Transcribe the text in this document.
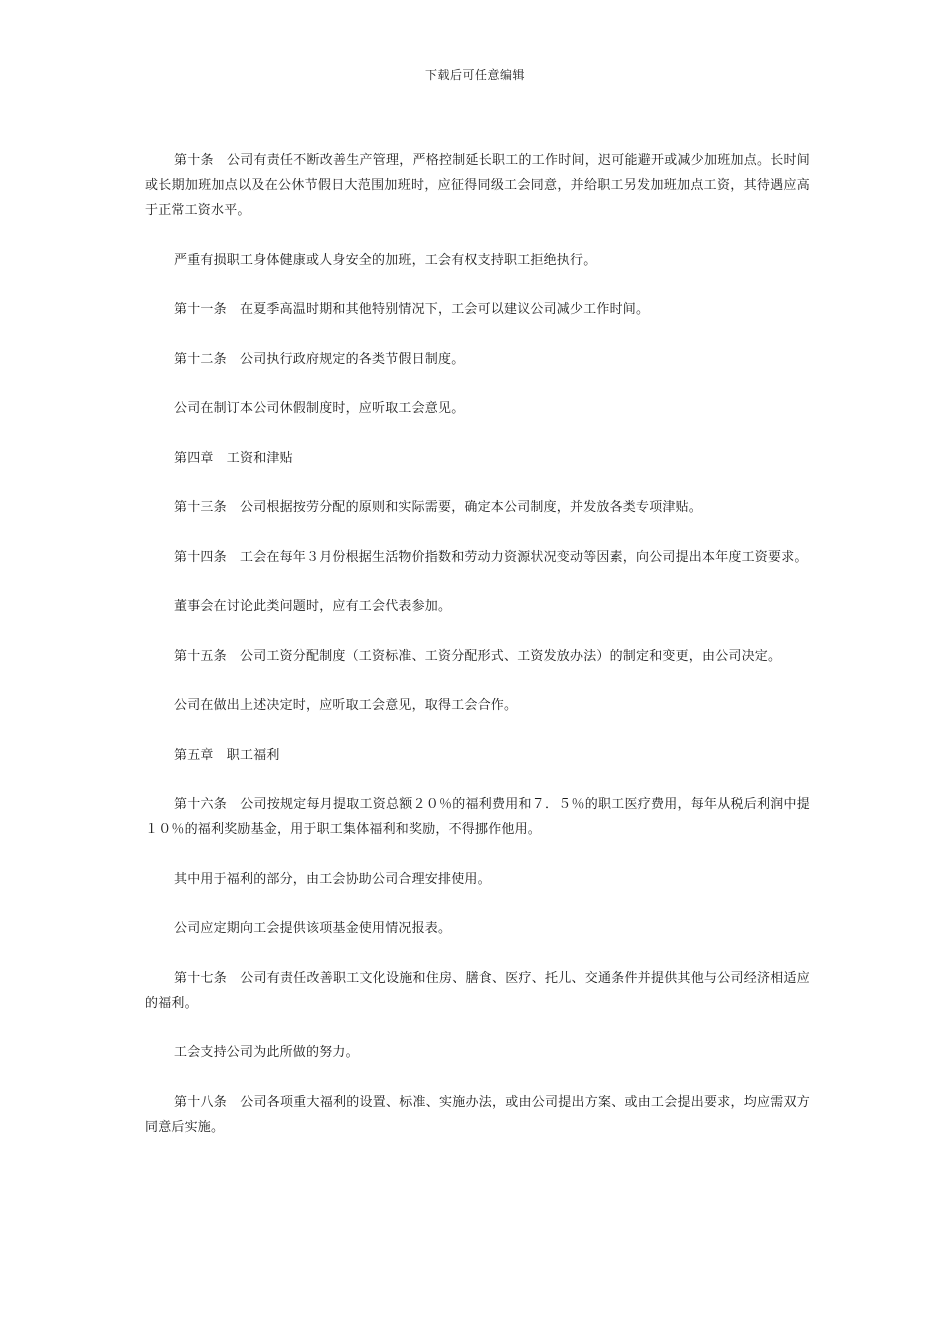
下载后可任意编辑

第十条　公司有责任不断改善生产管理，严格控制延长职工的工作时间，迟可能避开或减少加班加点。长时间或长期加班加点以及在公休节假日大范围加班时，应征得同级工会同意，并给职工另发加班加点工资，其待遇应高于正常工资水平。

严重有损职工身体健康或人身安全的加班，工会有权支持职工拒绝执行。

第十一条　在夏季高温时期和其他特别情况下，工会可以建议公司减少工作时间。

第十二条　公司执行政府规定的各类节假日制度。

公司在制订本公司休假制度时，应听取工会意见。

第四章　工资和津贴

第十三条　公司根据按劳分配的原则和实际需要，确定本公司制度，并发放各类专项津贴。

第十四条　工会在每年３月份根据生活物价指数和劳动力资源状况变动等因素，向公司提出本年度工资要求。

董事会在讨论此类问题时，应有工会代表参加。

第十五条　公司工资分配制度（工资标准、工资分配形式、工资发放办法）的制定和变更，由公司决定。

公司在做出上述决定时，应听取工会意见，取得工会合作。

第五章　职工福利

第十六条　公司按规定每月提取工资总额２０％的福利费用和７．５％的职工医疗费用，每年从税后利润中提１０％的福利奖励基金，用于职工集体福利和奖励，不得挪作他用。

其中用于福利的部分，由工会协助公司合理安排使用。

公司应定期向工会提供该项基金使用情况报表。

第十七条　公司有责任改善职工文化设施和住房、膳食、医疗、托儿、交通条件并提供其他与公司经济相适应的福利。

工会支持公司为此所做的努力。

第十八条　公司各项重大福利的设置、标准、实施办法，或由公司提出方案、或由工会提出要求，均应需双方同意后实施。
